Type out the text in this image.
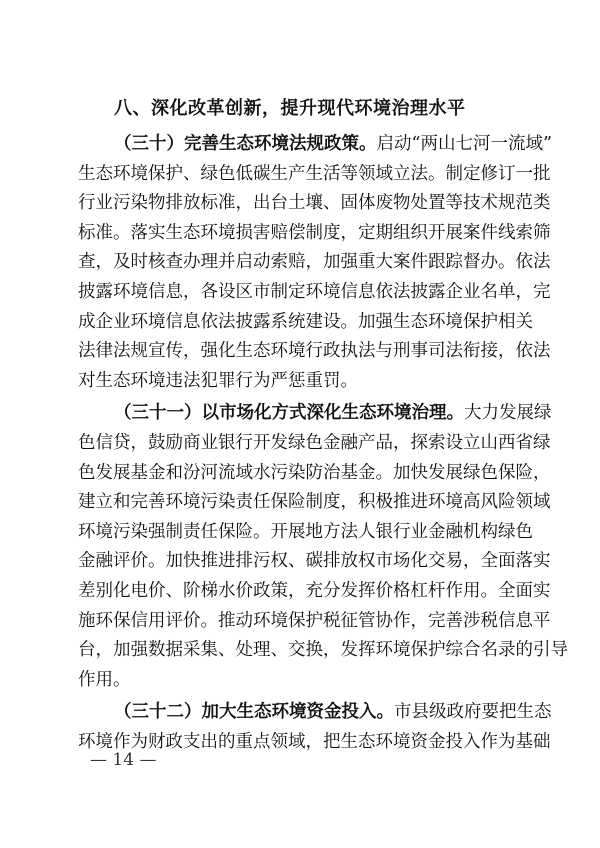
八、深化改革创新，提升现代环境治理水平
（三十）完善生态环境法规政策。启动“两山七河一流域”
生态环境保护、绿色低碳生产生活等领域立法。制定修订一批
行业污染物排放标准，出台土壤、固体废物处置等技术规范类
标准。落实生态环境损害赔偿制度，定期组织开展案件线索筛
查，及时核查办理并启动索赔，加强重大案件跟踪督办。依法
披露环境信息，各设区市制定环境信息依法披露企业名单，完
成企业环境信息依法披露系统建设。加强生态环境保护相关
法律法规宣传，强化生态环境行政执法与刑事司法衔接，依法
对生态环境违法犯罪行为严惩重罚。
（三十一）以市场化方式深化生态环境治理。大力发展绿
色信贷，鼓励商业银行开发绿色金融产品，探索设立山西省绿
色发展基金和汾河流域水污染防治基金。加快发展绿色保险，
建立和完善环境污染责任保险制度，积极推进环境高风险领域
环境污染强制责任保险。开展地方法人银行业金融机构绿色
金融评价。加快推进排污权、碳排放权市场化交易，全面落实
差别化电价、阶梯水价政策，充分发挥价格杠杆作用。全面实
施环保信用评价。推动环境保护税征管协作，完善涉税信息平
台，加强数据采集、处理、交换，发挥环境保护综合名录的引导
作用。
（三十二）加大生态环境资金投入。市县级政府要把生态
环境作为财政支出的重点领域，把生态环境资金投入作为基础
— 14 —
